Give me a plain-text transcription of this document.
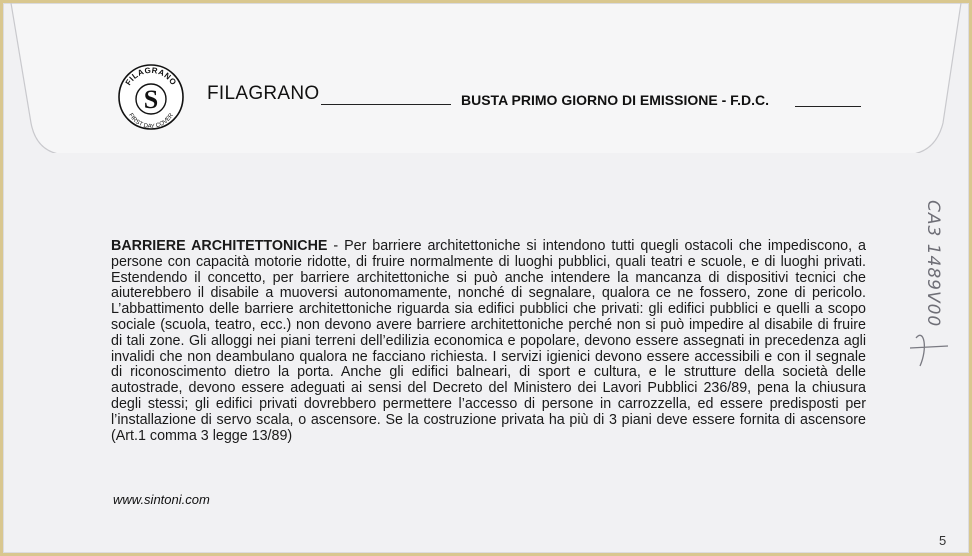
FILAGRANO
S
FIRST DAY COVER
FILAGRANO	BUSTA PRIMO GIORNO DI EMISSIONE - F.D.C.
BARRIERE ARCHITETTONICHE - Per barriere architettoniche si intendono tutti quegli ostacoli che impediscono, a persone con capacità motorie ridotte, di fruire normalmente di luoghi pubblici, quali teatri e scuole, e di luoghi privati. Estendendo il concetto, per barriere architettoniche si può anche intendere la mancanza di dispositivi tecnici che aiuterebbero il disabile a muoversi autonomamente, nonché di segnalare, qualora ce ne fossero, zone di pericolo. L’abbattimento delle barriere architettoniche riguarda sia edifici pubblici che privati: gli edifici pubblici e quelli a scopo sociale (scuola, teatro, ecc.) non devono avere barriere architettoniche perché non si può impedire al disabile di fruire di tali zone. Gli alloggi nei piani terreni dell’edilizia economica e popolare, devono essere assegnati in precedenza agli invalidi che non deambulano qualora ne facciano richiesta. I servizi igienici devono essere accessibili e con il segnale di riconoscimento dietro la porta. Anche gli edifici balneari, di sport e cultura, e le strutture della società delle autostrade, devono essere adeguati ai sensi del Decreto del Ministero dei Lavori Pubblici 236/89, pena la chiusura degli stessi; gli edifici privati dovrebbero permettere l’accesso di persone in carrozzella, ed essere predisposti per l’installazione di servo scala, o ascensore. Se la costruzione privata ha più di 3 piani deve essere fornita di ascensore (Art.1 comma 3 legge 13/89)
www.sintoni.com
CA3 1489V00
5
